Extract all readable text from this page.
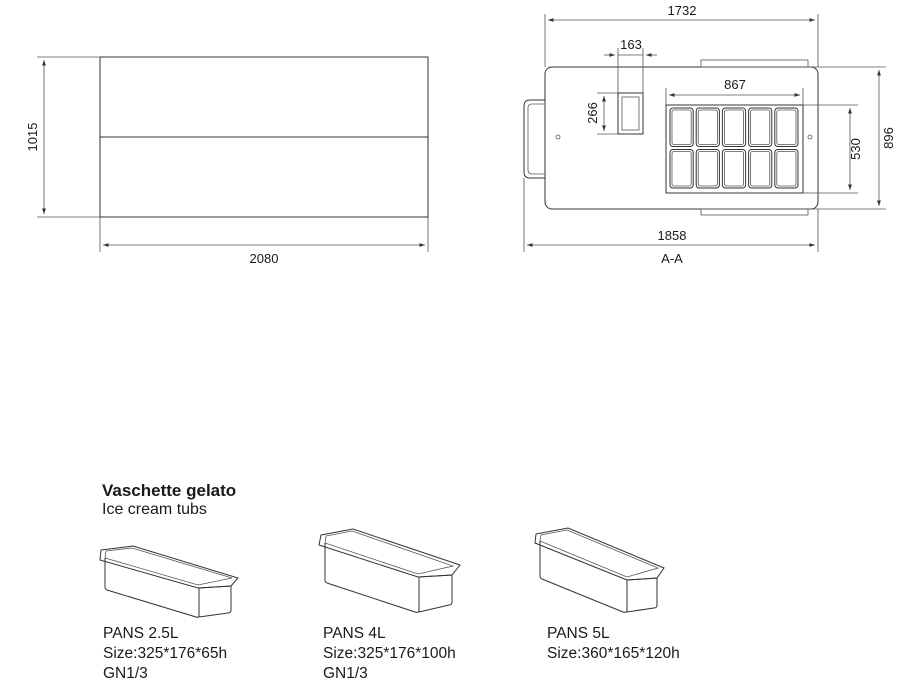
1015
2080
1732
163
266
867
530
896
1858
A-A
Vaschette gelato
Ice cream tubs
PANS 2.5L
Size:325*176*65h
GN1/3
PANS 4L
Size:325*176*100h
GN1/3
PANS 5L
Size:360*165*120h
